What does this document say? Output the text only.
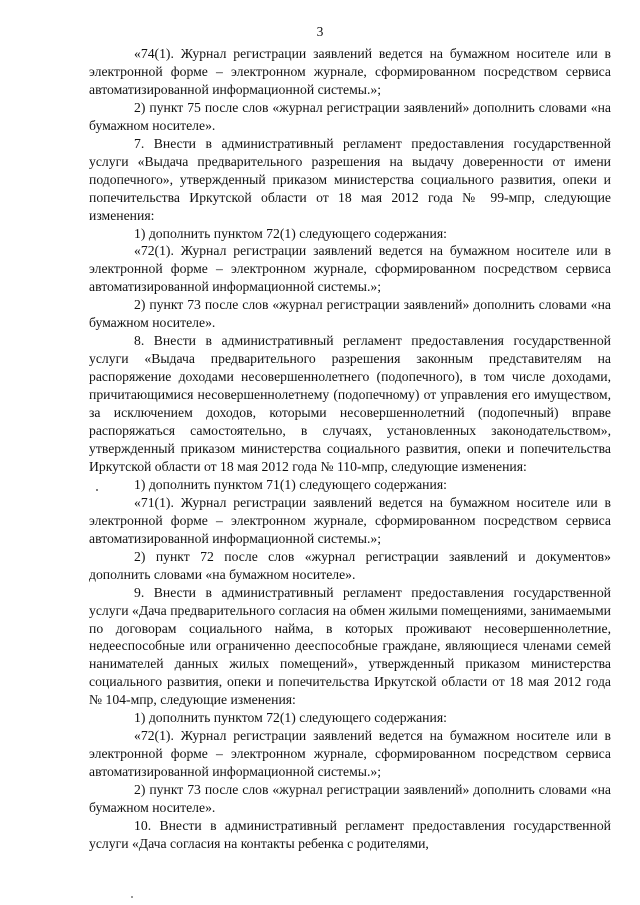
3

«74(1). Журнал регистрации заявлений ведется на бумажном носителе или в электронной форме – электронном журнале, сформированном посредством сервиса автоматизированной информационной системы.»;

2) пункт 75 после слов «журнал регистрации заявлений» дополнить словами «на бумажном носителе».

7. Внести в административный регламент предоставления государственной услуги «Выдача предварительного разрешения на выдачу доверенности от имени подопечного», утвержденный приказом министерства социального развития, опеки и попечительства Иркутской области от 18 мая 2012 года № 99-мпр, следующие изменения:

1) дополнить пунктом 72(1) следующего содержания:

«72(1). Журнал регистрации заявлений ведется на бумажном носителе или в электронной форме – электронном журнале, сформированном посредством сервиса автоматизированной информационной системы.»;

2) пункт 73 после слов «журнал регистрации заявлений» дополнить словами «на бумажном носителе».

8. Внести в административный регламент предоставления государственной услуги «Выдача предварительного разрешения законным представителям на распоряжение доходами несовершеннолетнего (подопечного), в том числе доходами, причитающимися несовершеннолетнему (подопечному) от управления его имуществом, за исключением доходов, которыми несовершеннолетний (подопечный) вправе распоряжаться самостоятельно, в случаях, установленных законодательством», утвержденный приказом министерства социального развития, опеки и попечительства Иркутской области от 18 мая 2012 года № 110-мпр, следующие изменения:

1) дополнить пунктом 71(1) следующего содержания:

«71(1). Журнал регистрации заявлений ведется на бумажном носителе или в электронной форме – электронном журнале, сформированном посредством сервиса автоматизированной информационной системы.»;

2) пункт 72 после слов «журнал регистрации заявлений и документов» дополнить словами «на бумажном носителе».

9. Внести в административный регламент предоставления государственной услуги «Дача предварительного согласия на обмен жилыми помещениями, занимаемыми по договорам социального найма, в которых проживают несовершеннолетние, недееспособные или ограниченно дееспособные граждане, являющиеся членами семей нанимателей данных жилых помещений», утвержденный приказом министерства социального развития, опеки и попечительства Иркутской области от 18 мая 2012 года № 104-мпр, следующие изменения:

1) дополнить пунктом 72(1) следующего содержания:

«72(1). Журнал регистрации заявлений ведется на бумажном носителе или в электронной форме – электронном журнале, сформированном посредством сервиса автоматизированной информационной системы.»;

2) пункт 73 после слов «журнал регистрации заявлений» дополнить словами «на бумажном носителе».

10. Внести в административный регламент предоставления государственной услуги «Дача согласия на контакты ребенка с родителями,
